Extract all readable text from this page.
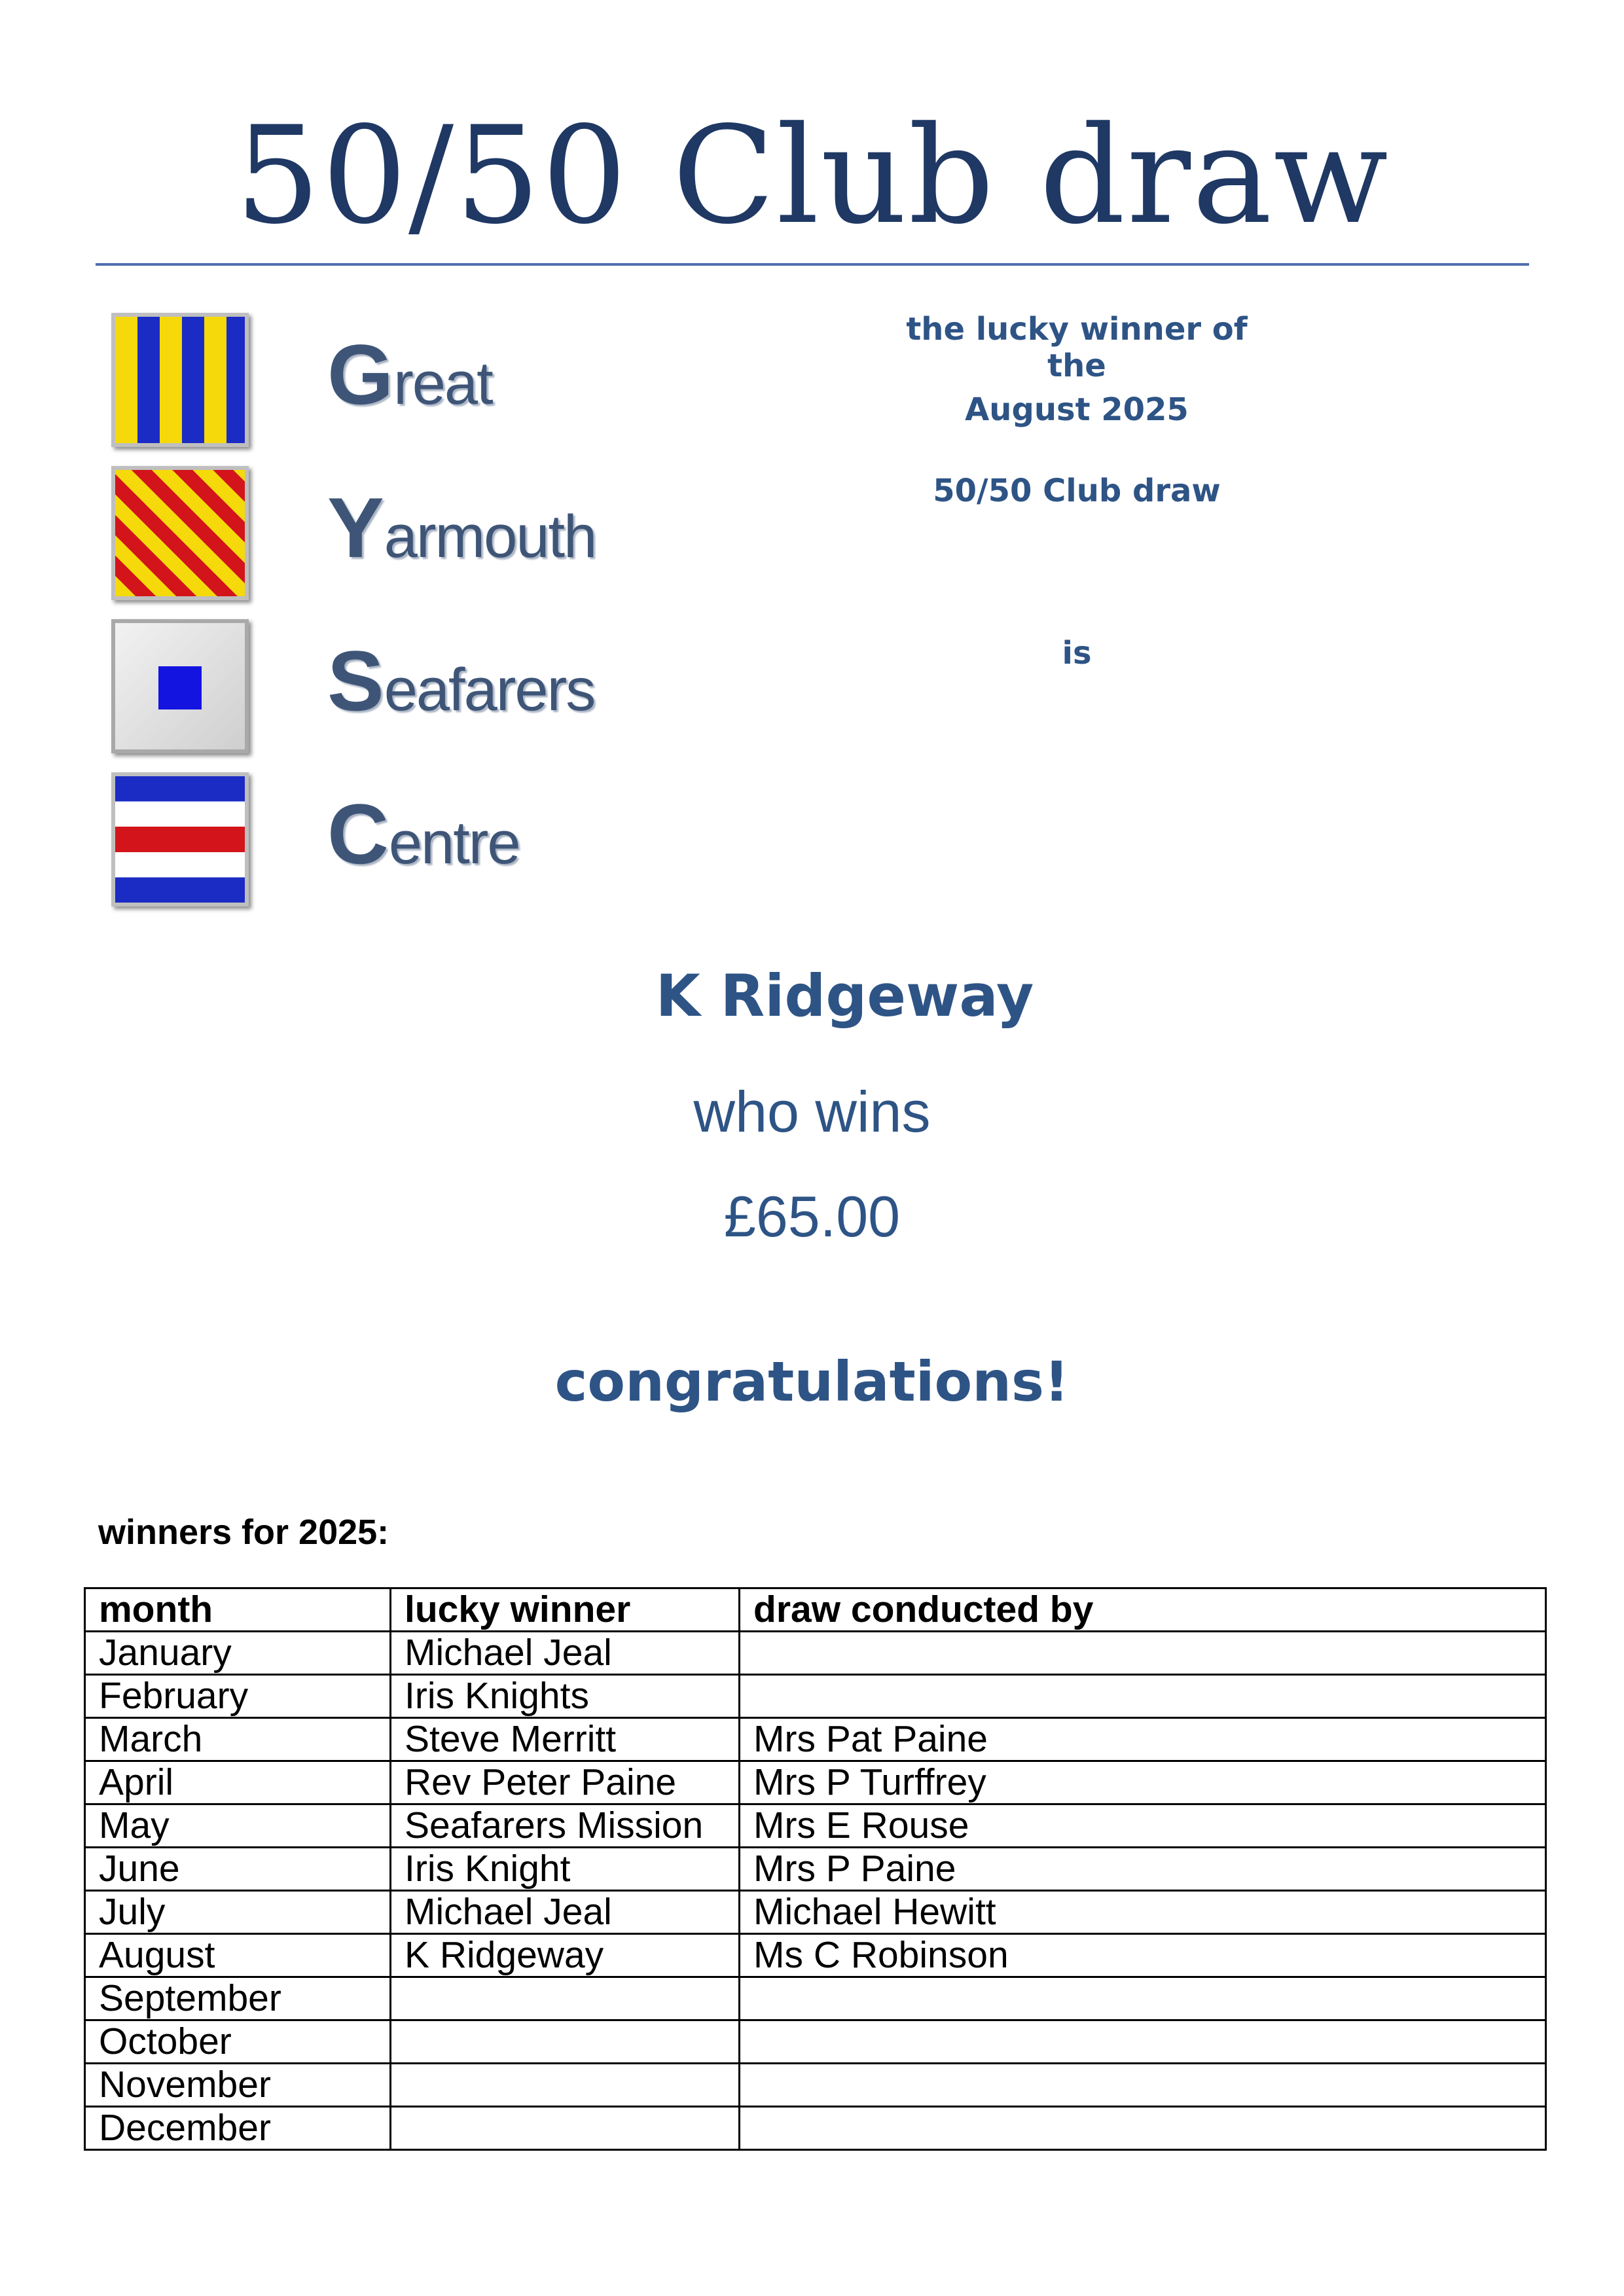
50/50 Club draw
Great
Yarmouth
Seafarers
Centre
the lucky winner of the
August 2025
50/50 Club draw
is
K Ridgeway
who wins
£65.00
congratulations!
winners for 2025:
month	lucky winner	draw conducted by
January	Michael Jeal	
February	Iris Knights	
March	Steve Merritt	Mrs Pat Paine
April	Rev Peter Paine	Mrs P Turffrey
May	Seafarers Mission	Mrs E Rouse
June	Iris Knight	Mrs P Paine
July	Michael Jeal	Michael Hewitt
August	K Ridgeway	Ms C Robinson
September		
October		
November		
December		
